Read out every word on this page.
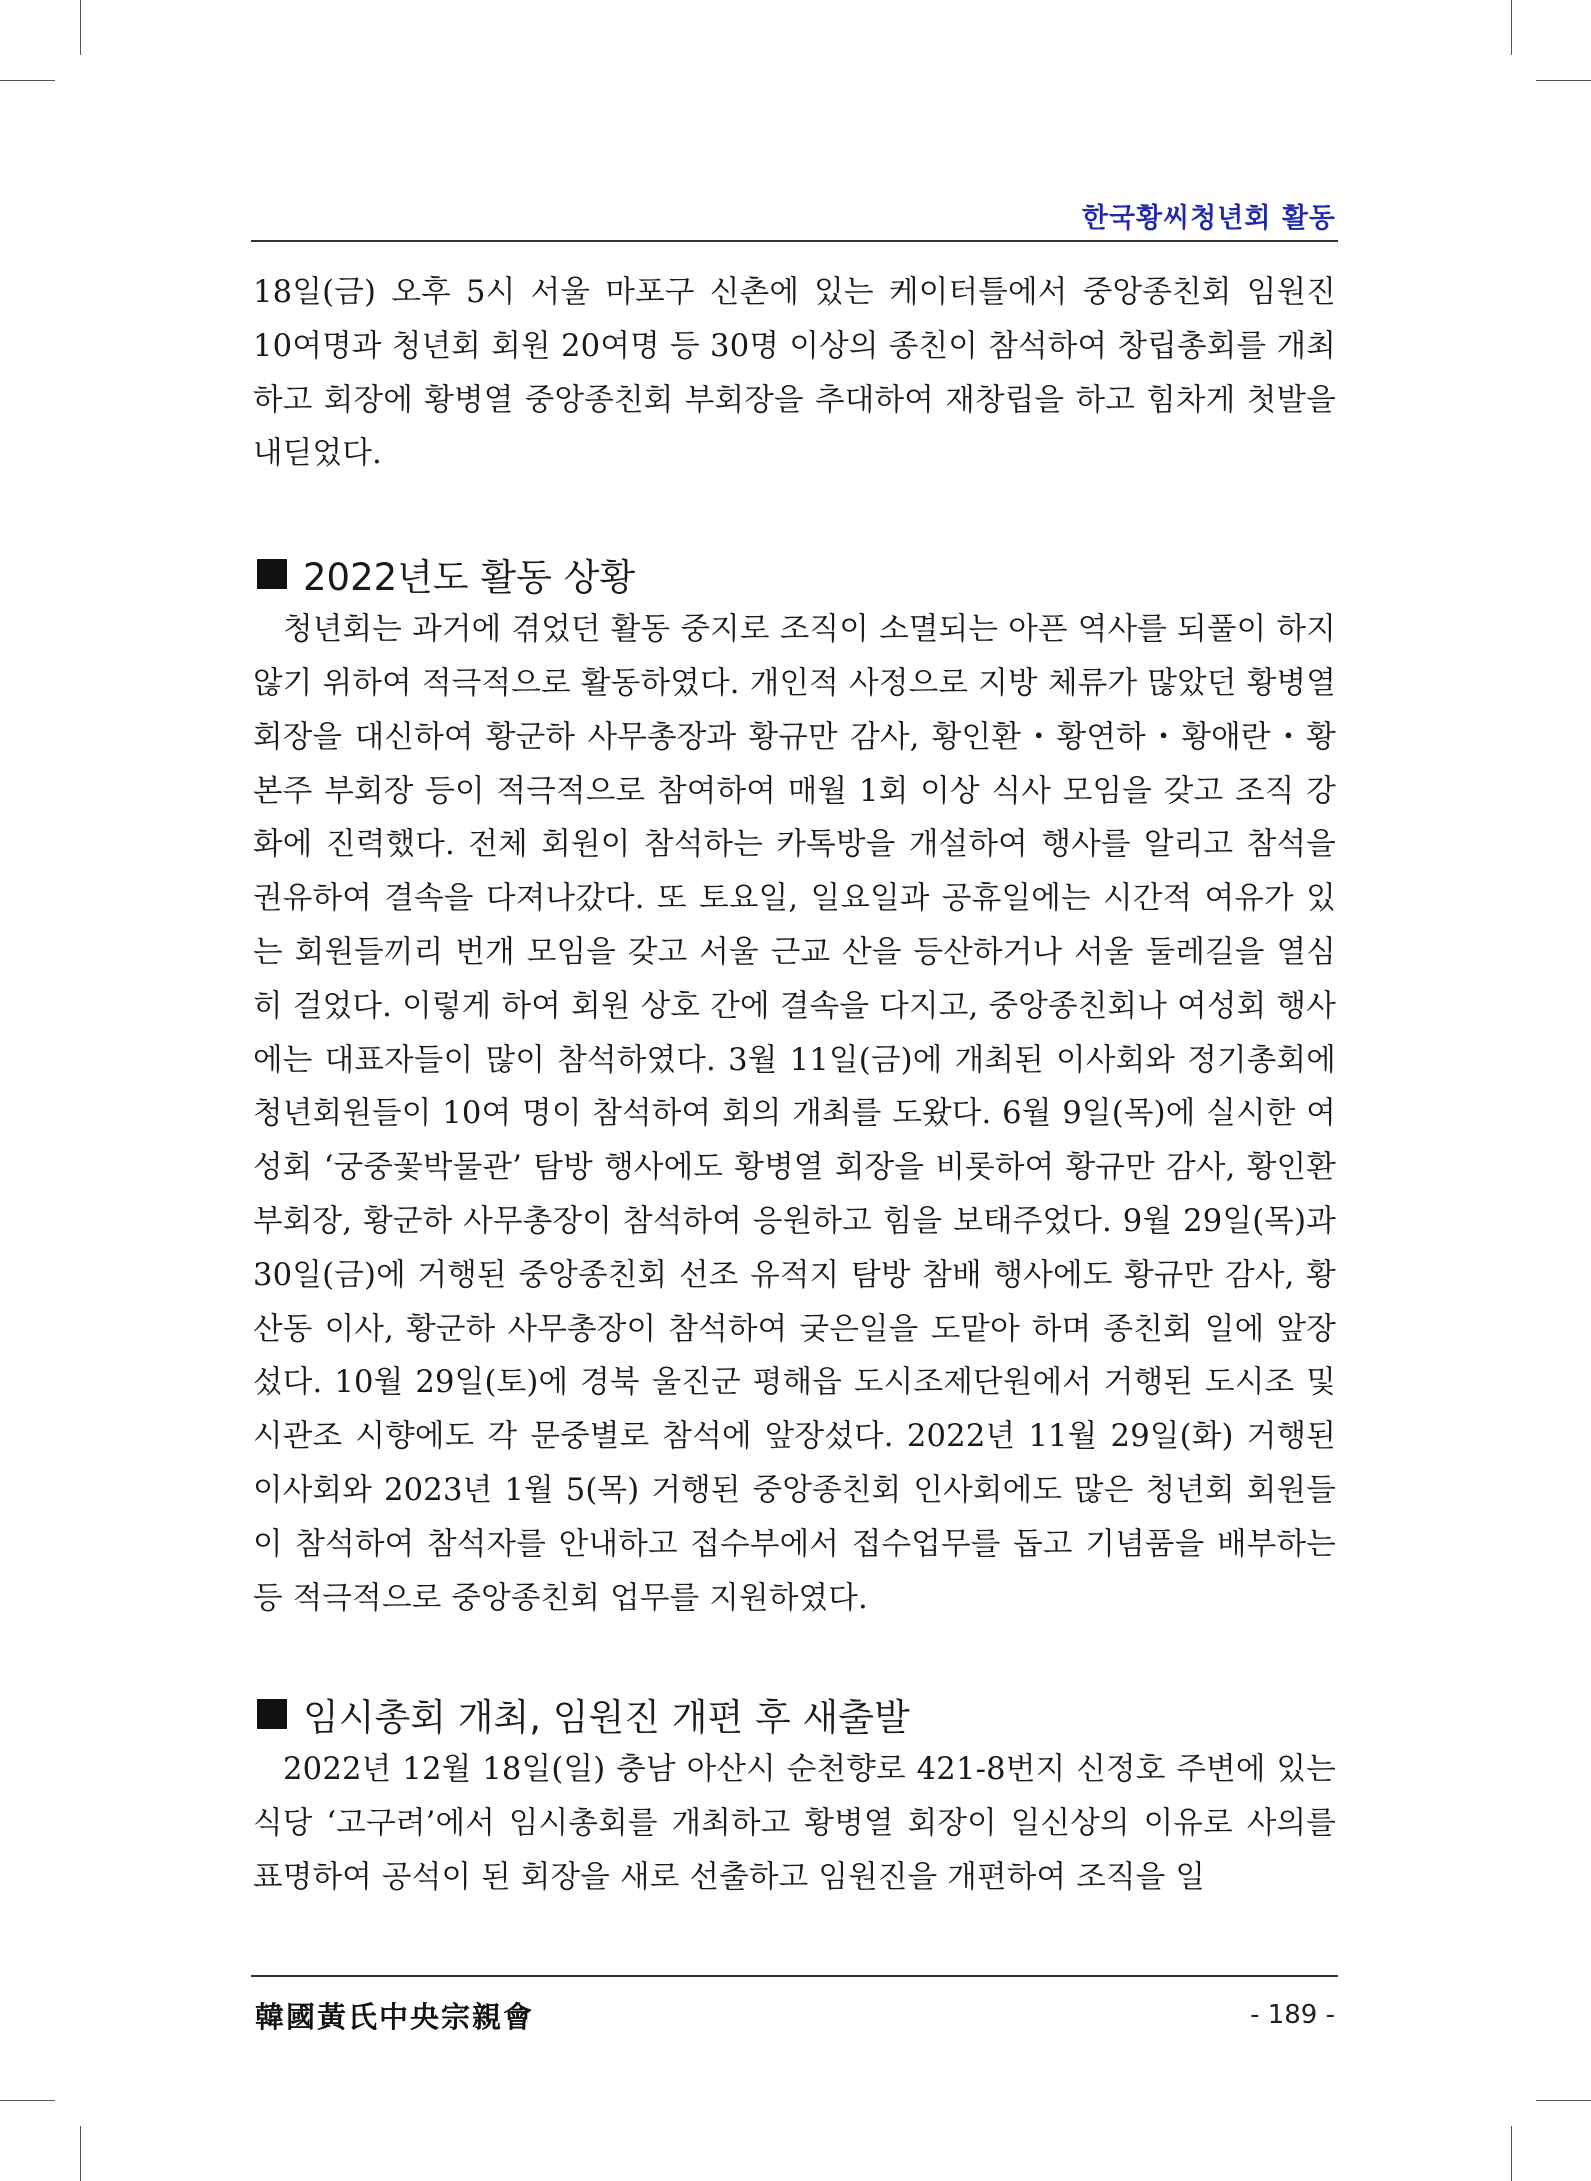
한국황씨청년회 활동

18일(금) 오후 5시 서울 마포구 신촌에 있는 케이터틀에서 중앙종친회 임원진 10여명과 청년회 회원 20여명 등 30명 이상의 종친이 참석하여 창립총회를 개최하고 회장에 황병열 중앙종친회 부회장을 추대하여 재창립을 하고 힘차게 첫발을 내딛었다.

2022년도 활동 상황

청년회는 과거에 겪었던 활동 중지로 조직이 소멸되는 아픈 역사를 되풀이 하지 않기 위하여 적극적으로 활동하였다. 개인적 사정으로 지방 체류가 많았던 황병열 회장을 대신하여 황군하 사무총장과 황규만 감사, 황인환・황연하・황애란・황본주 부회장 등이 적극적으로 참여하여 매월 1회 이상 식사 모임을 갖고 조직 강화에 진력했다. 전체 회원이 참석하는 카톡방을 개설하여 행사를 알리고 참석을 권유하여 결속을 다져나갔다. 또 토요일, 일요일과 공휴일에는 시간적 여유가 있는 회원들끼리 번개 모임을 갖고 서울 근교 산을 등산하거나 서울 둘레길을 열심히 걸었다. 이렇게 하여 회원 상호 간에 결속을 다지고, 중앙종친회나 여성회 행사에는 대표자들이 많이 참석하였다. 3월 11일(금)에 개최된 이사회와 정기총회에 청년회원들이 10여 명이 참석하여 회의 개최를 도왔다. 6월 9일(목)에 실시한 여성회 ‘궁중꽃박물관’ 탐방 행사에도 황병열 회장을 비롯하여 황규만 감사, 황인환 부회장, 황군하 사무총장이 참석하여 응원하고 힘을 보태주었다. 9월 29일(목)과 30일(금)에 거행된 중앙종친회 선조 유적지 탐방 참배 행사에도 황규만 감사, 황산동 이사, 황군하 사무총장이 참석하여 궂은일을 도맡아 하며 종친회 일에 앞장섰다. 10월 29일(토)에 경북 울진군 평해읍 도시조제단원에서 거행된 도시조 및 시관조 시향에도 각 문중별로 참석에 앞장섰다. 2022년 11월 29일(화) 거행된 이사회와 2023년 1월 5(목) 거행된 중앙종친회 인사회에도 많은 청년회 회원들이 참석하여 참석자를 안내하고 접수부에서 접수업무를 돕고 기념품을 배부하는 등 적극적으로 중앙종친회 업무를 지원하였다.

임시총회 개최, 임원진 개편 후 새출발

2022년 12월 18일(일) 충남 아산시 순천향로 421-8번지 신정호 주변에 있는 식당 ‘고구려’에서 임시총회를 개최하고 황병열 회장이 일신상의 이유로 사의를 표명하여 공석이 된 회장을 새로 선출하고 임원진을 개편하여 조직을 일

韓國黃氏中央宗親會	- 189 -
